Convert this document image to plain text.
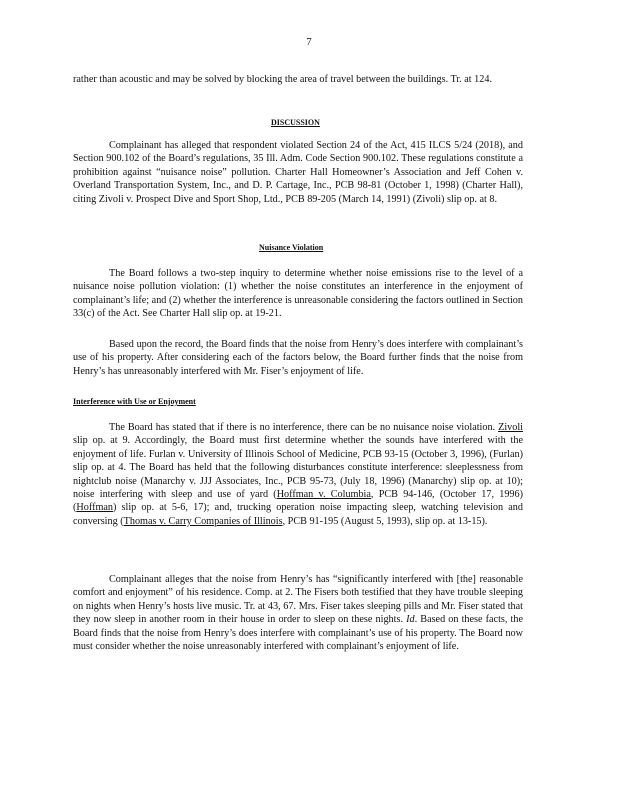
7

rather than acoustic and may be solved by blocking the area of travel between the buildings. Tr. at 124.

DISCUSSION

Complainant has alleged that respondent violated Section 24 of the Act, 415 ILCS 5/24 (2018), and Section 900.102 of the Board’s regulations, 35 Ill. Adm. Code Section 900.102. These regulations constitute a prohibition against “nuisance noise” pollution. Charter Hall Homeowner’s Association and Jeff Cohen v. Overland Transportation System, Inc., and D. P. Cartage, Inc., PCB 98-81 (October 1, 1998) (Charter Hall), citing Zivoli v. Prospect Dive and Sport Shop, Ltd., PCB 89-205 (March 14, 1991) (Zivoli) slip op. at 8.

Nuisance Violation

The Board follows a two-step inquiry to determine whether noise emissions rise to the level of a nuisance noise pollution violation: (1) whether the noise constitutes an interference in the enjoyment of complainant’s life; and (2) whether the interference is unreasonable considering the factors outlined in Section 33(c) of the Act. See Charter Hall slip op. at 19-21.

Based upon the record, the Board finds that the noise from Henry’s does interfere with complainant’s use of his property. After considering each of the factors below, the Board further finds that the noise from Henry’s has unreasonably interfered with Mr. Fiser’s enjoyment of life.

Interference with Use or Enjoyment

The Board has stated that if there is no interference, there can be no nuisance noise violation. Zivoli slip op. at 9. Accordingly, the Board must first determine whether the sounds have interfered with the enjoyment of life. Furlan v. University of Illinois School of Medicine, PCB 93-15 (October 3, 1996), (Furlan) slip op. at 4. The Board has held that the following disturbances constitute interference: sleeplessness from nightclub noise (Manarchy v. JJJ Associates, Inc., PCB 95-73, (July 18, 1996) (Manarchy) slip op. at 10); noise interfering with sleep and use of yard (Hoffman v. Columbia, PCB 94-146, (October 17, 1996) (Hoffman) slip op. at 5-6, 17); and, trucking operation noise impacting sleep, watching television and conversing (Thomas v. Carry Companies of Illinois, PCB 91-195 (August 5, 1993), slip op. at 13-15).

Complainant alleges that the noise from Henry’s has “significantly interfered with [the] reasonable comfort and enjoyment” of his residence. Comp. at 2. The Fisers both testified that they have trouble sleeping on nights when Henry’s hosts live music. Tr. at 43, 67. Mrs. Fiser takes sleeping pills and Mr. Fiser stated that they now sleep in another room in their house in order to sleep on these nights. Id. Based on these facts, the Board finds that the noise from Henry’s does interfere with complainant’s use of his property. The Board now must consider whether the noise unreasonably interfered with complainant’s enjoyment of life.
